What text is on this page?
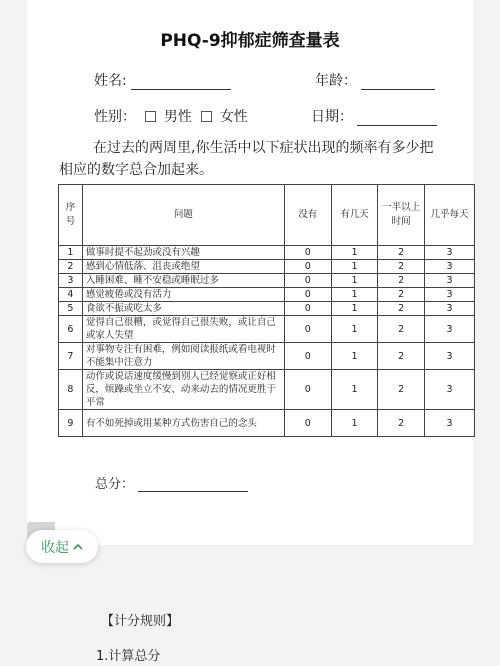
PHQ-9抑郁症筛查量表
姓名:	年龄：
性别： 男性 女性	日期：
在过去的两周里,你生活中以下症状出现的频率有多少把
相应的数字总合加起来。
序号	问题	没有	有几天	一半以上时间	几乎每天
1	做事时提不起劲或没有兴趣	0	1	2	3
2	感到心情低落、沮丧或绝望	0	1	2	3
3	入睡困难、睡不安稳或睡眠过多	0	1	2	3
4	感觉疲倦或没有活力	0	1	2	3
5	食欲不振或吃太多	0	1	2	3
6	觉得自己很糟，或觉得自己很失败，或让自己或家人失望	0	1	2	3
7	对事物专注有困难，例如阅读报纸或看电视时不能集中注意力	0	1	2	3
8	动作或说话速度缓慢到别人已经觉察或正好相反，烦躁或坐立不安、动来动去的情况更胜于平常	0	1	2	3
9	有不如死掉或用某种方式伤害自己的念头	0	1	2	3
总分：
收起
【计分规则】
1.计算总分
